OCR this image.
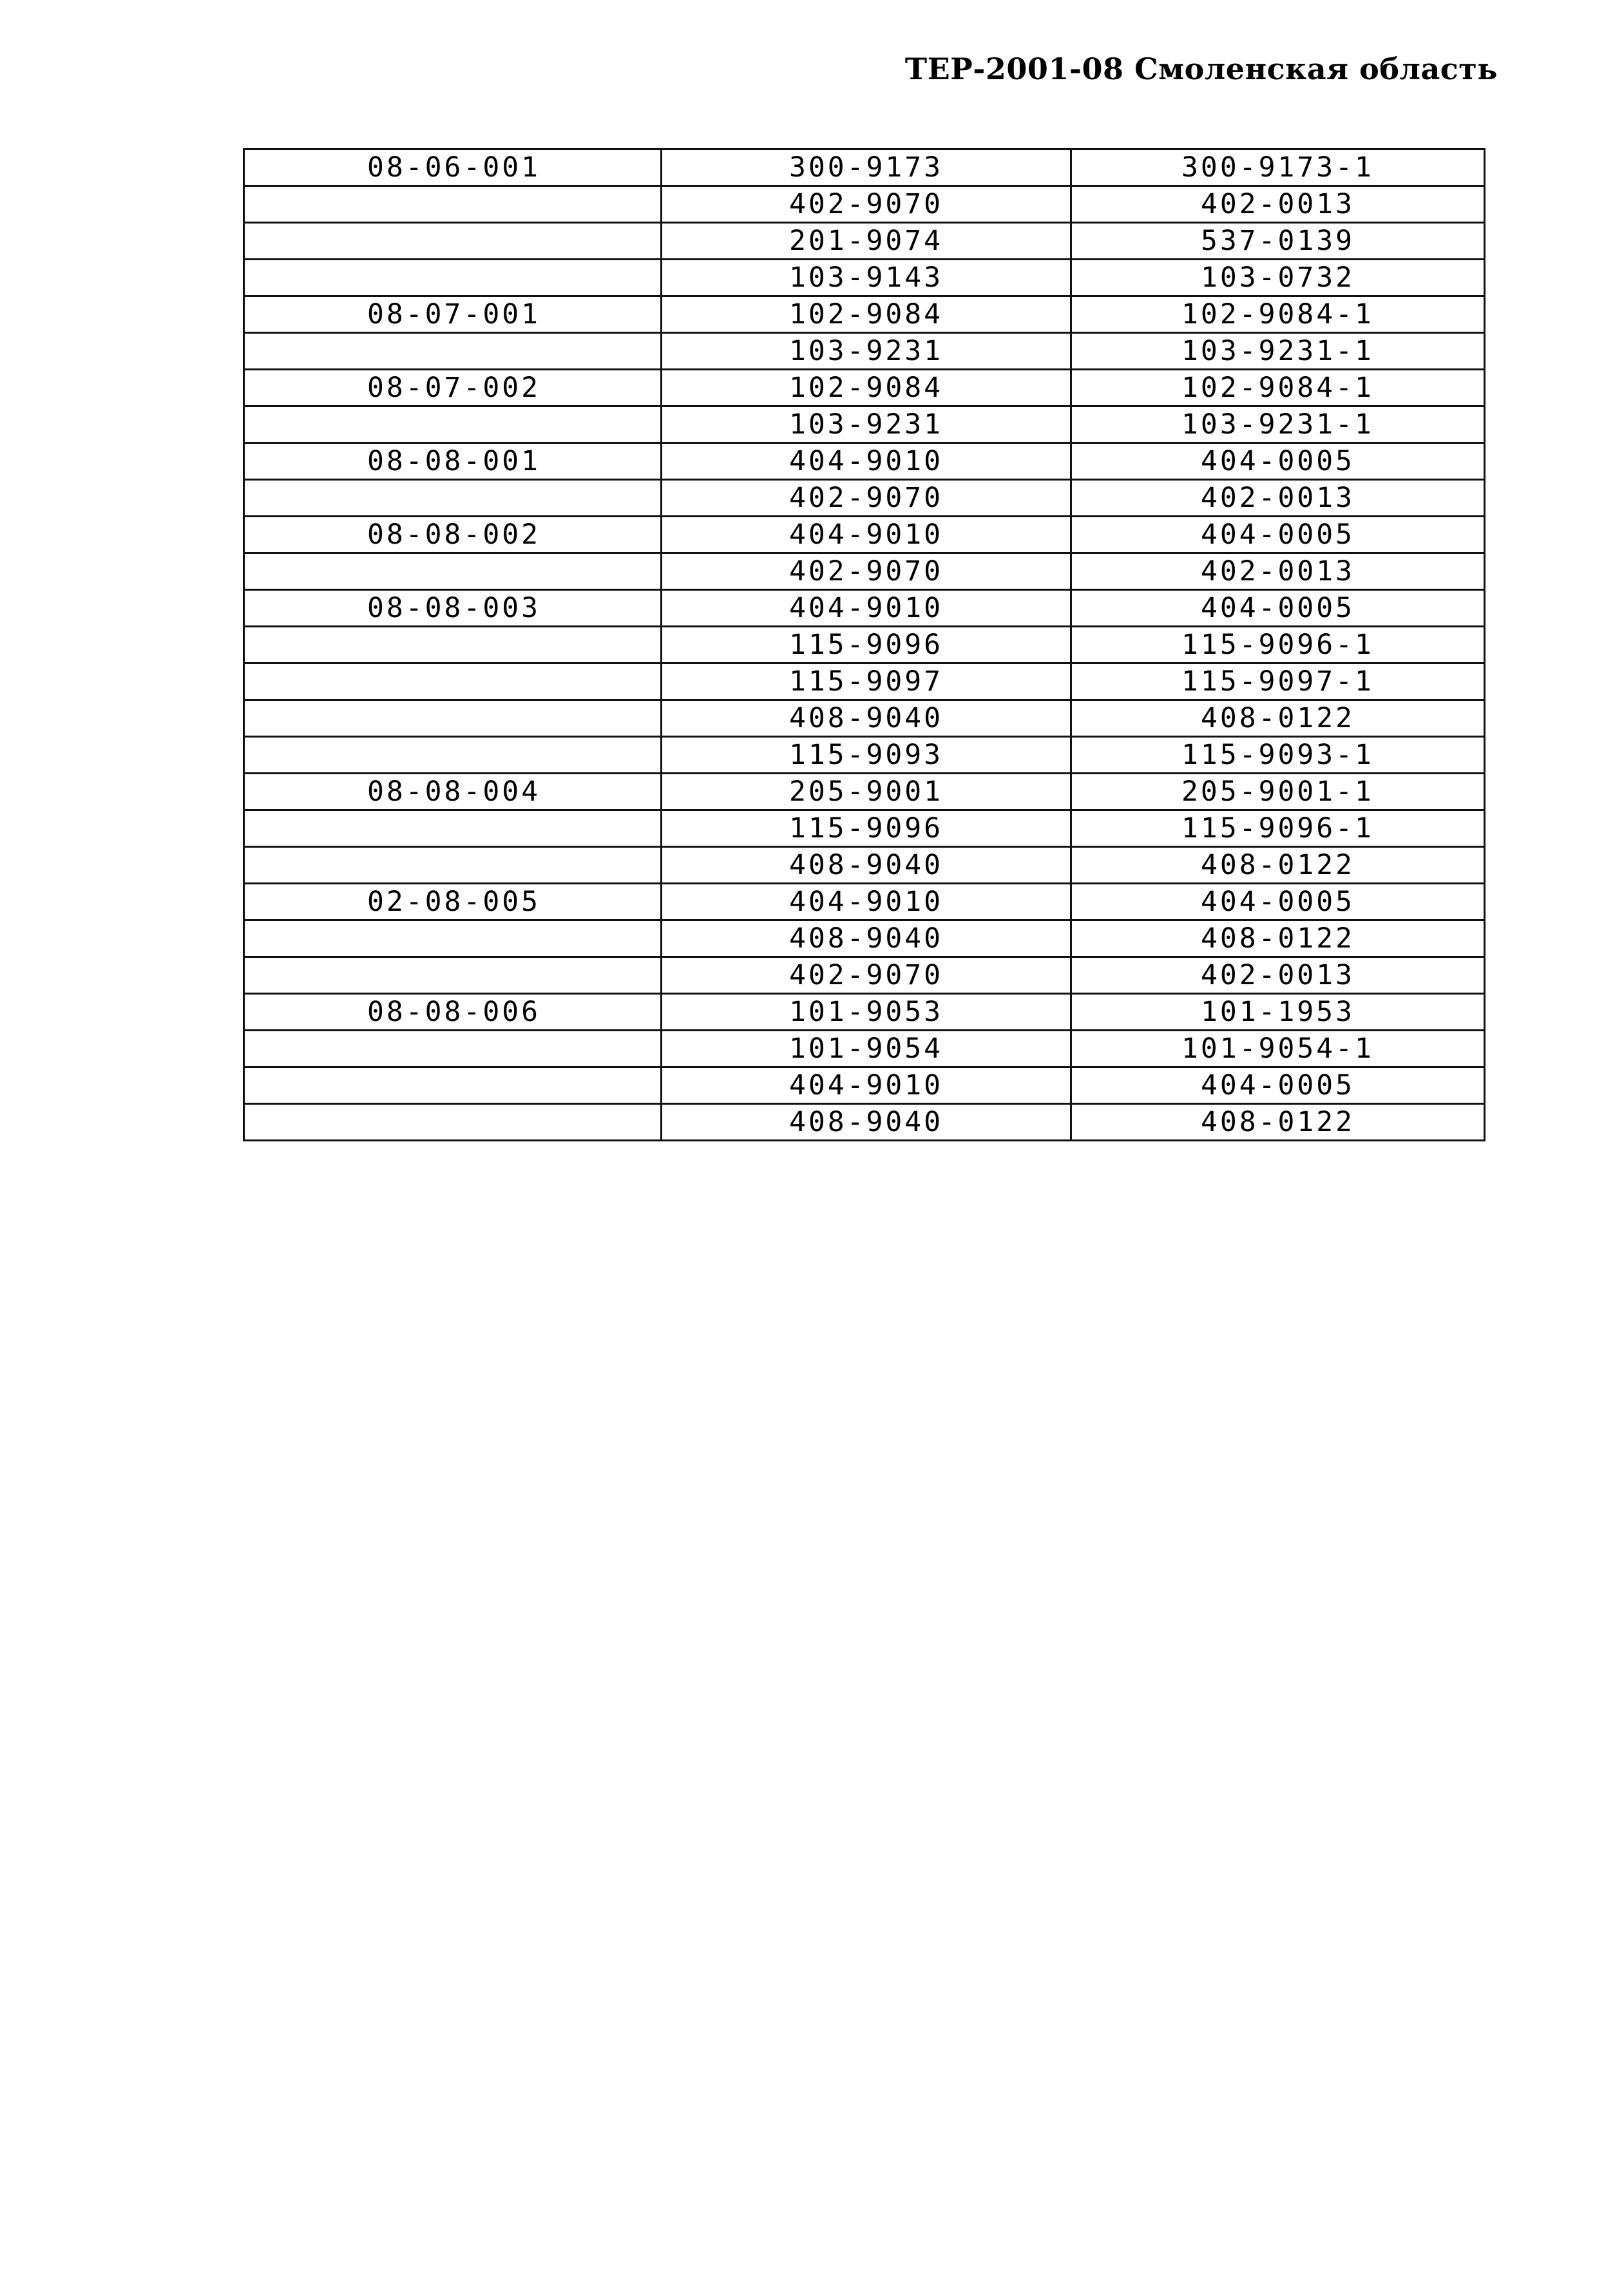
ТЕР-2001-08 Смоленская область
08-06-001	300-9173	300-9173-1
	402-9070	402-0013
	201-9074	537-0139
	103-9143	103-0732
08-07-001	102-9084	102-9084-1
	103-9231	103-9231-1
08-07-002	102-9084	102-9084-1
	103-9231	103-9231-1
08-08-001	404-9010	404-0005
	402-9070	402-0013
08-08-002	404-9010	404-0005
	402-9070	402-0013
08-08-003	404-9010	404-0005
	115-9096	115-9096-1
	115-9097	115-9097-1
	408-9040	408-0122
	115-9093	115-9093-1
08-08-004	205-9001	205-9001-1
	115-9096	115-9096-1
	408-9040	408-0122
02-08-005	404-9010	404-0005
	408-9040	408-0122
	402-9070	402-0013
08-08-006	101-9053	101-1953
	101-9054	101-9054-1
	404-9010	404-0005
	408-9040	408-0122
